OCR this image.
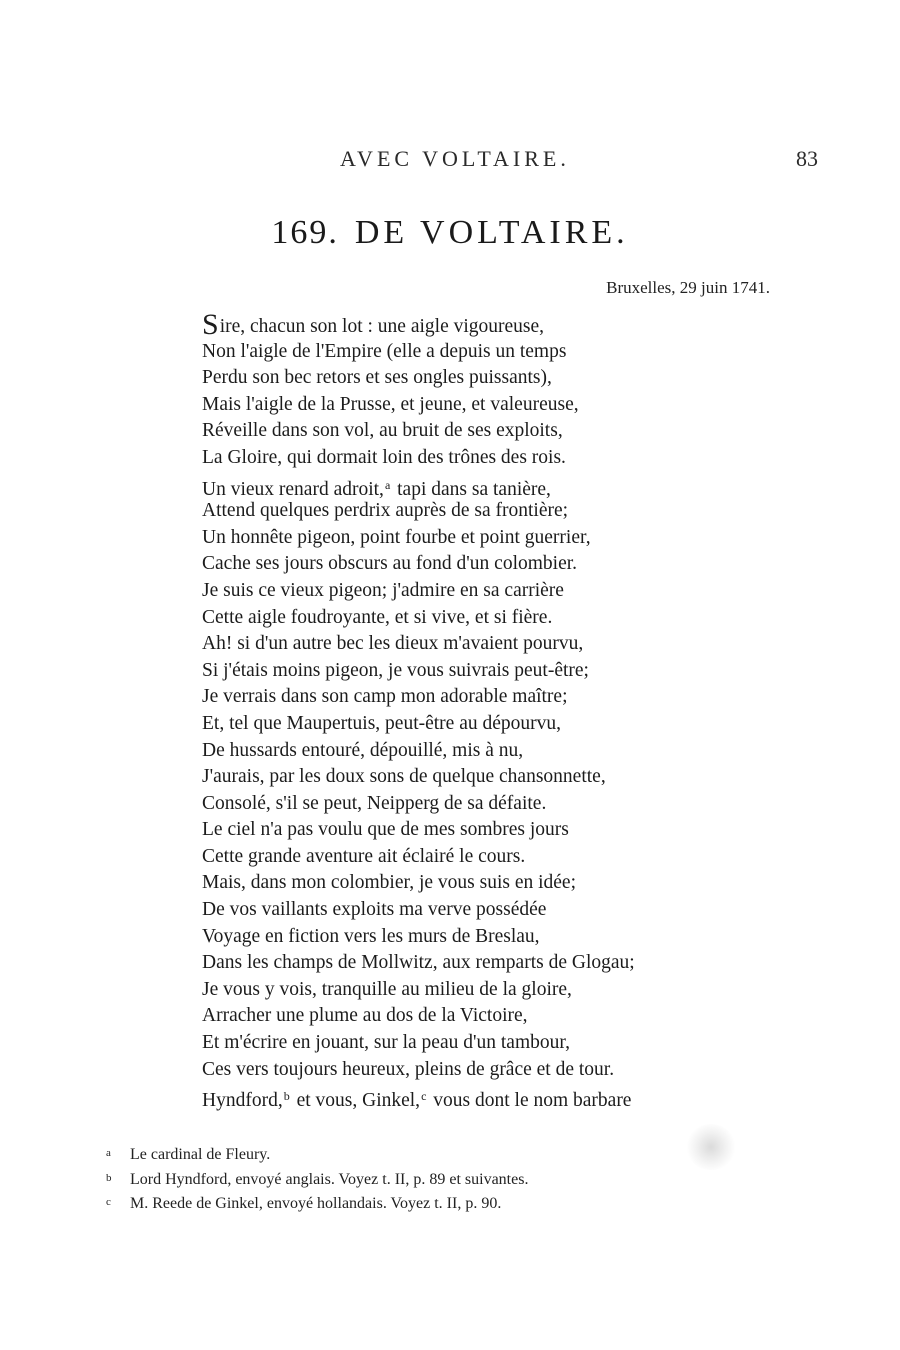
AVEC VOLTAIRE.	83
169. DE VOLTAIRE.
Bruxelles, 29 juin 1741.
Sire, chacun son lot : une aigle vigoureuse,
Non l'aigle de l'Empire (elle a depuis un temps
Perdu son bec retors et ses ongles puissants),
Mais l'aigle de la Prusse, et jeune, et valeureuse,
Réveille dans son vol, au bruit de ses exploits,
La Gloire, qui dormait loin des trônes des rois.
Un vieux renard adroit,$^a$ tapi dans sa tanière,
Attend quelques perdrix auprès de sa frontière;
Un honnête pigeon, point fourbe et point guerrier,
Cache ses jours obscurs au fond d'un colombier.
Je suis ce vieux pigeon; j'admire en sa carrière
Cette aigle foudroyante, et si vive, et si fière.
Ah! si d'un autre bec les dieux m'avaient pourvu,
Si j'étais moins pigeon, je vous suivrais peut-être;
Je verrais dans son camp mon adorable maître;
Et, tel que Maupertuis, peut-être au dépourvu,
De hussards entouré, dépouillé, mis à nu,
J'aurais, par les doux sons de quelque chansonnette,
Consolé, s'il se peut, Neipperg de sa défaite.
Le ciel n'a pas voulu que de mes sombres jours
Cette grande aventure ait éclairé le cours.
Mais, dans mon colombier, je vous suis en idée;
De vos vaillants exploits ma verve possédée
Voyage en fiction vers les murs de Breslau,
Dans les champs de Mollwitz, aux remparts de Glogau;
Je vous y vois, tranquille au milieu de la gloire,
Arracher une plume au dos de la Victoire,
Et m'écrire en jouant, sur la peau d'un tambour,
Ces vers toujours heureux, pleins de grâce et de tour.
Hyndford,$^b$ et vous, Ginkel,$^c$ vous dont le nom barbare
a Le cardinal de Fleury.
b Lord Hyndford, envoyé anglais. Voyez t. II, p. 89 et suivantes.
c M. Reede de Ginkel, envoyé hollandais. Voyez t. II, p. 90.
